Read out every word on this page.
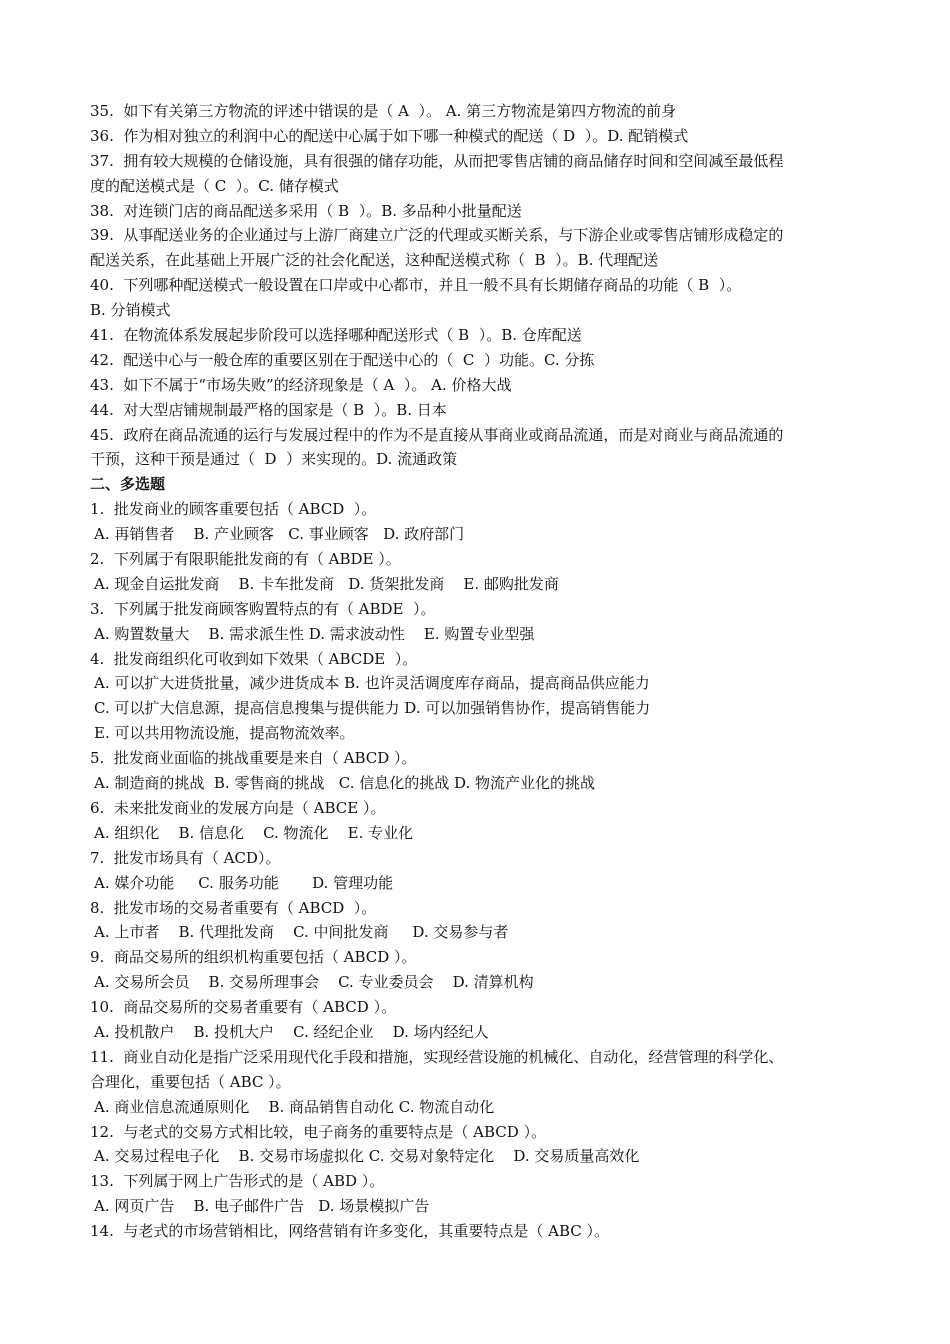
35.  如下有关第三方物流的评述中错误的是（ A  ）。 A. 第三方物流是第四方物流的前身
36.  作为相对独立的利润中心的配送中心属于如下哪一种模式的配送（ D  ）。D. 配销模式
37.  拥有较大规模的仓储设施，具有很强的储存功能，从而把零售店铺的商品储存时间和空间减至最低程
度的配送模式是（ C  ）。C. 储存模式
38.  对连锁门店的商品配送多采用（ B  ）。B. 多品种小批量配送
39.  从事配送业务的企业通过与上游厂商建立广泛的代理或买断关系，与下游企业或零售店铺形成稳定的
配送关系，在此基础上开展广泛的社会化配送，这种配送模式称（  B  ）。B. 代理配送
40.  下列哪种配送模式一般设置在口岸或中心都市，并且一般不具有长期储存商品的功能（ B  ）。
B. 分销模式
41.  在物流体系发展起步阶段可以选择哪种配送形式（ B  ）。B. 仓库配送
42.  配送中心与一般仓库的重要区别在于配送中心的（  C  ）功能。C. 分拣
43.  如下不属于“市场失败”的经济现象是（ A  ）。 A. 价格大战
44.  对大型店铺规制最严格的国家是（ B  ）。B. 日本
45.  政府在商品流通的运行与发展过程中的作为不是直接从事商业或商品流通，而是对商业与商品流通的
干预，这种干预是通过（  D  ）来实现的。D. 流通政策
二、多选题
1.  批发商业的顾客重要包括（ ABCD  ）。
A. 再销售者    B. 产业顾客   C. 事业顾客   D. 政府部门
2.  下列属于有限职能批发商的有（ ABDE ）。
A. 现金自运批发商    B. 卡车批发商   D. 货架批发商    E. 邮购批发商
3.  下列属于批发商顾客购置特点的有（ ABDE  ）。
A. 购置数量大    B. 需求派生性 D. 需求波动性    E. 购置专业型强
4.  批发商组织化可收到如下效果（ ABCDE  ）。
A. 可以扩大进货批量，减少进货成本 B. 也许灵活调度库存商品，提高商品供应能力
C. 可以扩大信息源，提高信息搜集与提供能力 D. 可以加强销售协作，提高销售能力
E. 可以共用物流设施，提高物流效率。
5.  批发商业面临的挑战重要是来自（ ABCD ）。
A. 制造商的挑战  B. 零售商的挑战   C. 信息化的挑战 D. 物流产业化的挑战
6.  未来批发商业的发展方向是（ ABCE ）。
A. 组织化    B. 信息化    C. 物流化    E. 专业化
7.  批发市场具有（ ACD）。
A. 媒介功能     C. 服务功能       D. 管理功能
8.  批发市场的交易者重要有（ ABCD  ）。
A. 上市者    B. 代理批发商    C. 中间批发商     D. 交易参与者
9.  商品交易所的组织机构重要包括（ ABCD ）。
A. 交易所会员    B. 交易所理事会    C. 专业委员会    D. 清算机构
10.  商品交易所的交易者重要有（ ABCD ）。
A. 投机散户    B. 投机大户    C. 经纪企业    D. 场内经纪人
11.  商业自动化是指广泛采用现代化手段和措施，实现经营设施的机械化、自动化，经营管理的科学化、
合理化，重要包括（ ABC ）。
A. 商业信息流通原则化    B. 商品销售自动化 C. 物流自动化
12.  与老式的交易方式相比较，电子商务的重要特点是（ ABCD ）。
A. 交易过程电子化    B. 交易市场虚拟化 C. 交易对象特定化    D. 交易质量高效化
13.  下列属于网上广告形式的是（ ABD ）。
A. 网页广告    B. 电子邮件广告   D. 场景模拟广告
14.  与老式的市场营销相比，网络营销有许多变化，其重要特点是（ ABC ）。
